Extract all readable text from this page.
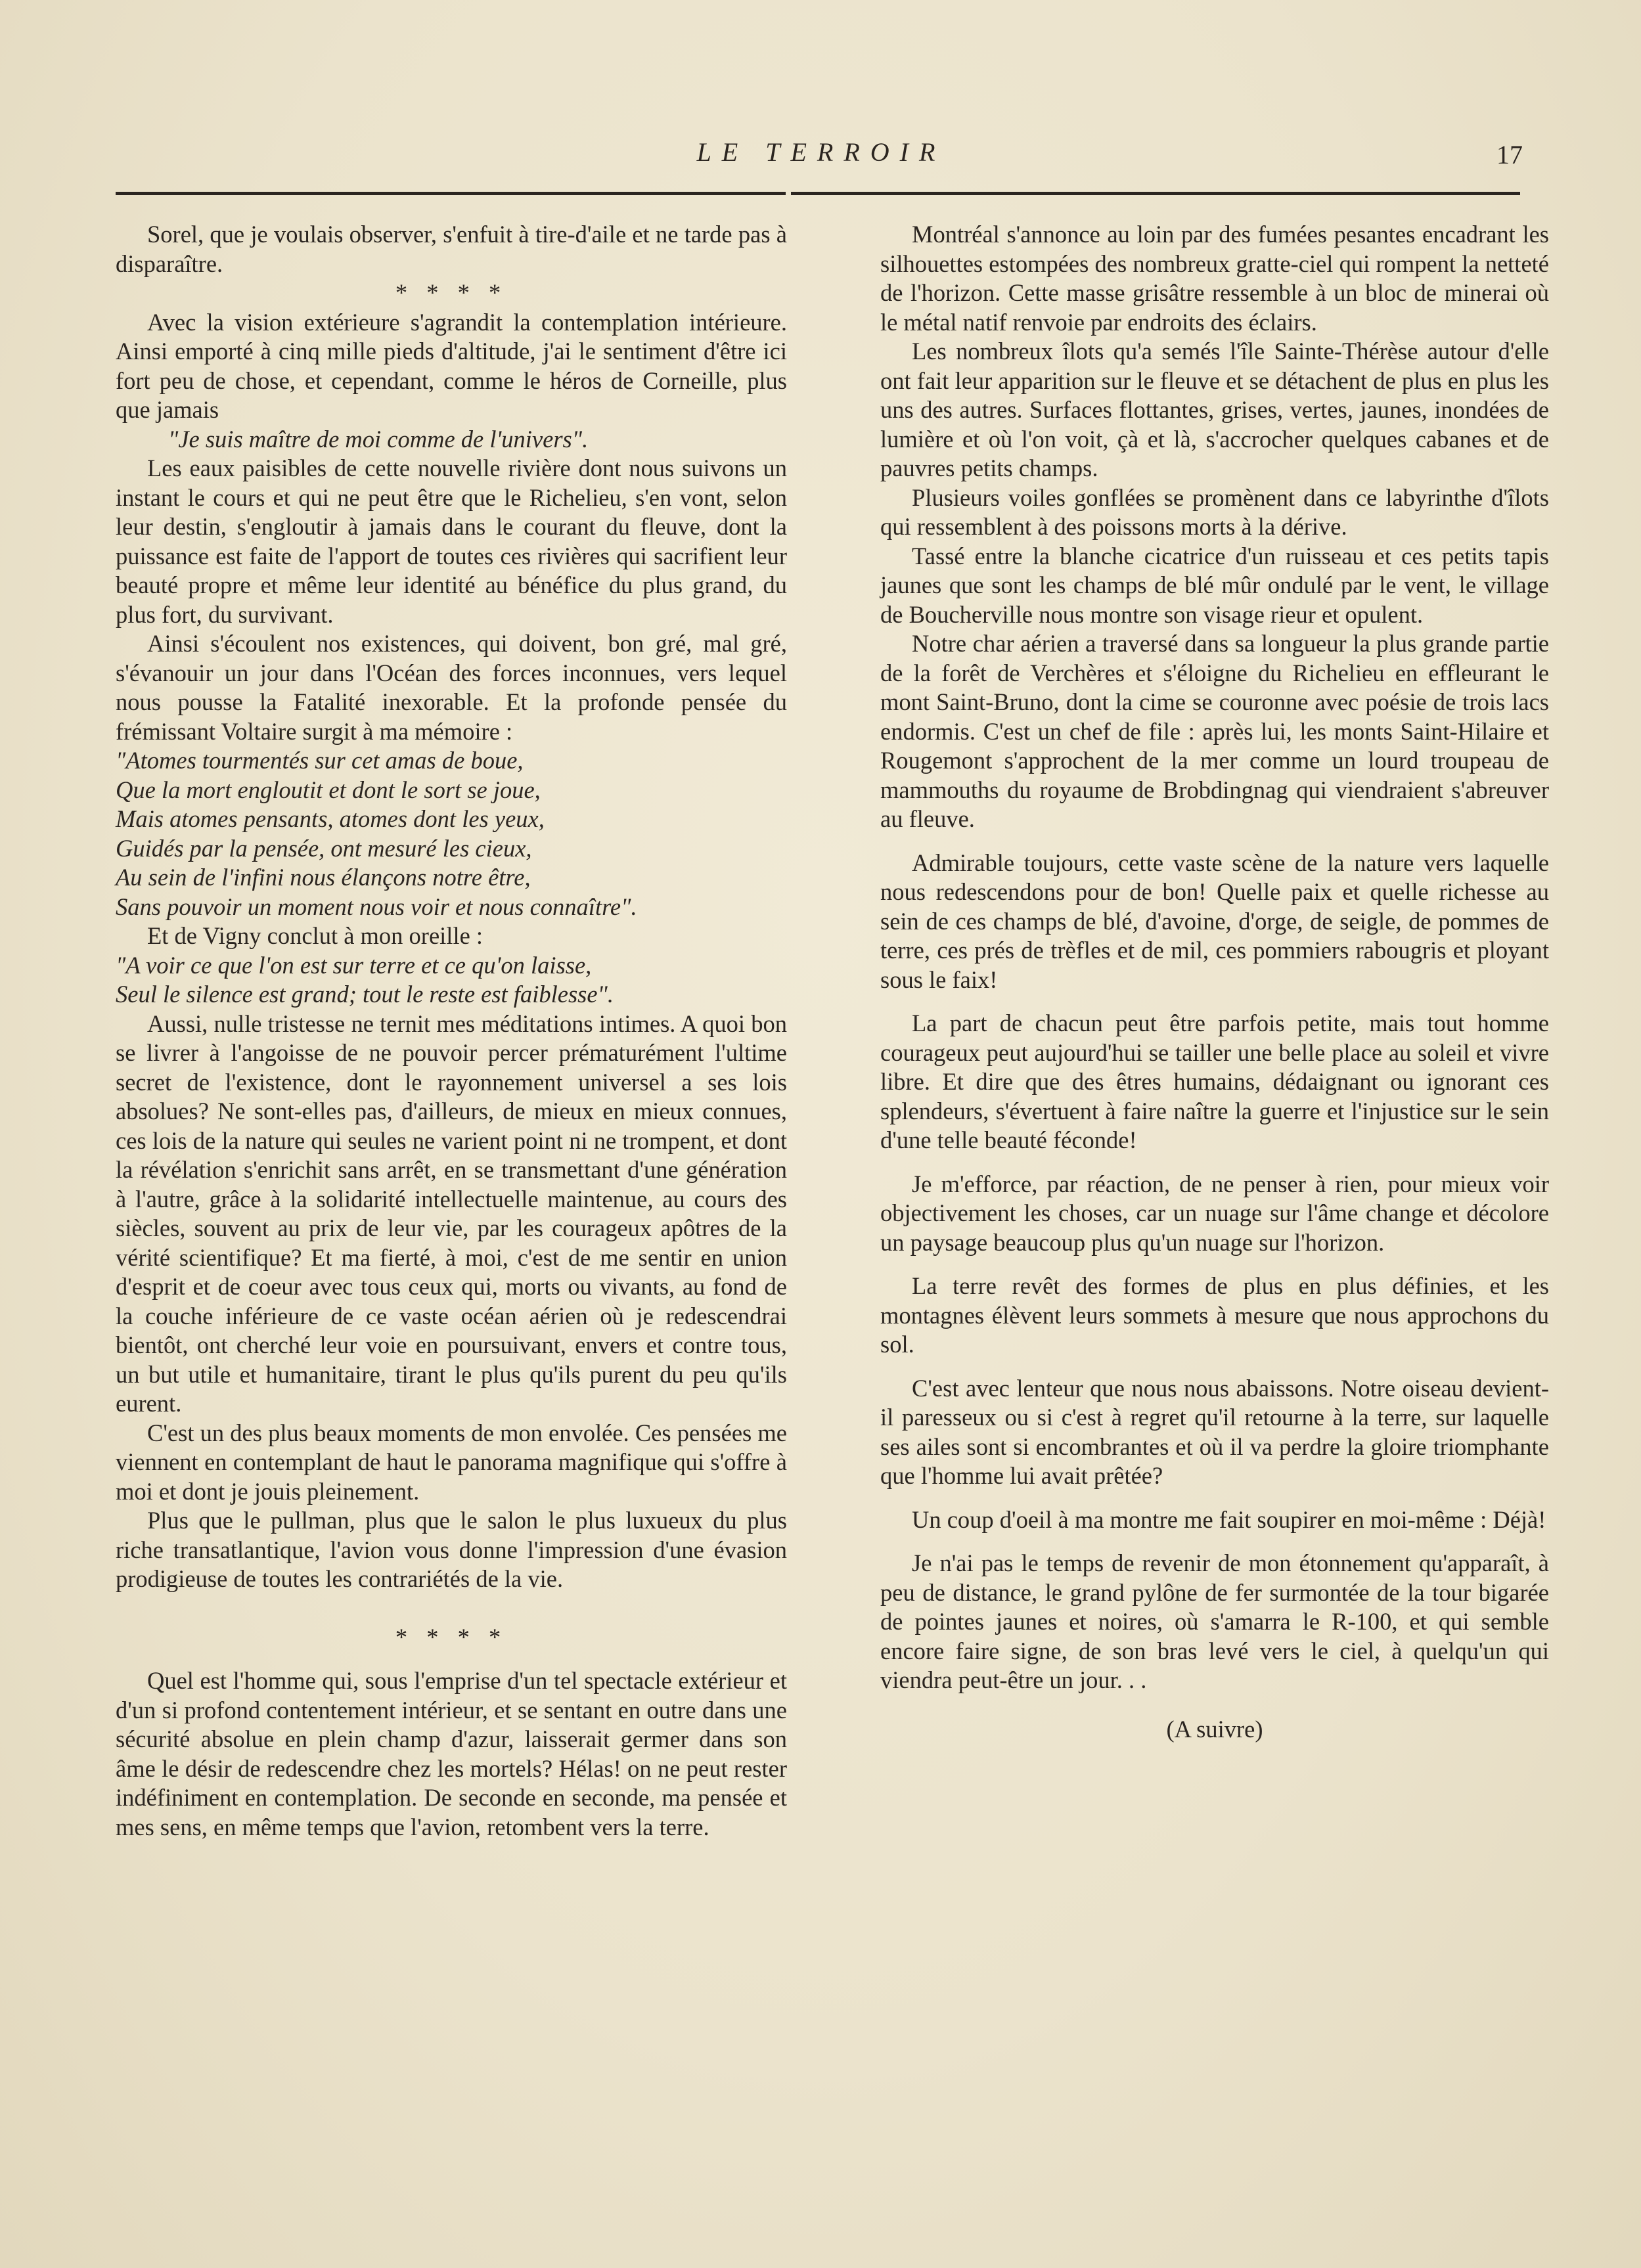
LE TERROIR	17

Sorel, que je voulais observer, s'enfuit à tire-d'aile et ne tarde pas à disparaître.

* * * *

Avec la vision extérieure s'agrandit la contemplation intérieure. Ainsi emporté à cinq mille pieds d'altitude, j'ai le sentiment d'être ici fort peu de chose, et cependant, comme le héros de Corneille, plus que jamais

"Je suis maître de moi comme de l'univers".

Les eaux paisibles de cette nouvelle rivière dont nous suivons un instant le cours et qui ne peut être que le Richelieu, s'en vont, selon leur destin, s'engloutir à jamais dans le courant du fleuve, dont la puissance est faite de l'apport de toutes ces rivières qui sacrifient leur beauté propre et même leur identité au bénéfice du plus grand, du plus fort, du survivant.

Ainsi s'écoulent nos existences, qui doivent, bon gré, mal gré, s'évanouir un jour dans l'Océan des forces inconnues, vers lequel nous pousse la Fatalité inexorable. Et la profonde pensée du frémissant Voltaire surgit à ma mémoire :

"Atomes tourmentés sur cet amas de boue,
Que la mort engloutit et dont le sort se joue,
Mais atomes pensants, atomes dont les yeux,
Guidés par la pensée, ont mesuré les cieux,
Au sein de l'infini nous élançons notre être,
Sans pouvoir un moment nous voir et nous connaître".

Et de Vigny conclut à mon oreille :

"A voir ce que l'on est sur terre et ce qu'on laisse,
Seul le silence est grand; tout le reste est faiblesse".

Aussi, nulle tristesse ne ternit mes méditations intimes. A quoi bon se livrer à l'angoisse de ne pouvoir percer prématurément l'ultime secret de l'existence, dont le rayonnement universel a ses lois absolues? Ne sont-elles pas, d'ailleurs, de mieux en mieux connues, ces lois de la nature qui seules ne varient point ni ne trompent, et dont la révélation s'enrichit sans arrêt, en se transmettant d'une génération à l'autre, grâce à la solidarité intellectuelle maintenue, au cours des siècles, souvent au prix de leur vie, par les courageux apôtres de la vérité scientifique? Et ma fierté, à moi, c'est de me sentir en union d'esprit et de coeur avec tous ceux qui, morts ou vivants, au fond de la couche inférieure de ce vaste océan aérien où je redescendrai bientôt, ont cherché leur voie en poursuivant, envers et contre tous, un but utile et humanitaire, tirant le plus qu'ils purent du peu qu'ils eurent.

C'est un des plus beaux moments de mon envolée. Ces pensées me viennent en contemplant de haut le panorama magnifique qui s'offre à moi et dont je jouis pleinement.

Plus que le pullman, plus que le salon le plus luxueux du plus riche transatlantique, l'avion vous donne l'impression d'une évasion prodigieuse de toutes les contrariétés de la vie.

* * * *

Quel est l'homme qui, sous l'emprise d'un tel spectacle extérieur et d'un si profond contentement intérieur, et se sentant en outre dans une sécurité absolue en plein champ d'azur, laisserait germer dans son âme le désir de redescendre chez les mortels? Hélas! on ne peut rester indéfiniment en contemplation. De seconde en seconde, ma pensée et mes sens, en même temps que l'avion, retombent vers la terre.

Montréal s'annonce au loin par des fumées pesantes encadrant les silhouettes estompées des nombreux gratte-ciel qui rompent la netteté de l'horizon. Cette masse grisâtre ressemble à un bloc de minerai où le métal natif renvoie par endroits des éclairs.

Les nombreux îlots qu'a semés l'île Sainte-Thérèse autour d'elle ont fait leur apparition sur le fleuve et se détachent de plus en plus les uns des autres. Surfaces flottantes, grises, vertes, jaunes, inondées de lumière et où l'on voit, çà et là, s'accrocher quelques cabanes et de pauvres petits champs.

Plusieurs voiles gonflées se promènent dans ce labyrinthe d'îlots qui ressemblent à des poissons morts à la dérive.

Tassé entre la blanche cicatrice d'un ruisseau et ces petits tapis jaunes que sont les champs de blé mûr ondulé par le vent, le village de Boucherville nous montre son visage rieur et opulent.

Notre char aérien a traversé dans sa longueur la plus grande partie de la forêt de Verchères et s'éloigne du Richelieu en effleurant le mont Saint-Bruno, dont la cime se couronne avec poésie de trois lacs endormis. C'est un chef de file : après lui, les monts Saint-Hilaire et Rougemont s'approchent de la mer comme un lourd troupeau de mammouths du royaume de Brobdingnag qui viendraient s'abreuver au fleuve.

Admirable toujours, cette vaste scène de la nature vers laquelle nous redescendons pour de bon! Quelle paix et quelle richesse au sein de ces champs de blé, d'avoine, d'orge, de seigle, de pommes de terre, ces prés de trèfles et de mil, ces pommiers rabougris et ployant sous le faix!

La part de chacun peut être parfois petite, mais tout homme courageux peut aujourd'hui se tailler une belle place au soleil et vivre libre. Et dire que des êtres humains, dédaignant ou ignorant ces splendeurs, s'évertuent à faire naître la guerre et l'injustice sur le sein d'une telle beauté féconde!

Je m'efforce, par réaction, de ne penser à rien, pour mieux voir objectivement les choses, car un nuage sur l'âme change et décolore un paysage beaucoup plus qu'un nuage sur l'horizon.

La terre revêt des formes de plus en plus définies, et les montagnes élèvent leurs sommets à mesure que nous approchons du sol.

C'est avec lenteur que nous nous abaissons. Notre oiseau devient-il paresseux ou si c'est à regret qu'il retourne à la terre, sur laquelle ses ailes sont si encombrantes et où il va perdre la gloire triomphante que l'homme lui avait prêtée?

Un coup d'oeil à ma montre me fait soupirer en moi-même : Déjà!

Je n'ai pas le temps de revenir de mon étonnement qu'apparaît, à peu de distance, le grand pylône de fer surmontée de la tour bigarée de pointes jaunes et noires, où s'amarra le R-100, et qui semble encore faire signe, de son bras levé vers le ciel, à quelqu'un qui viendra peut-être un jour. . .

(A suivre)
